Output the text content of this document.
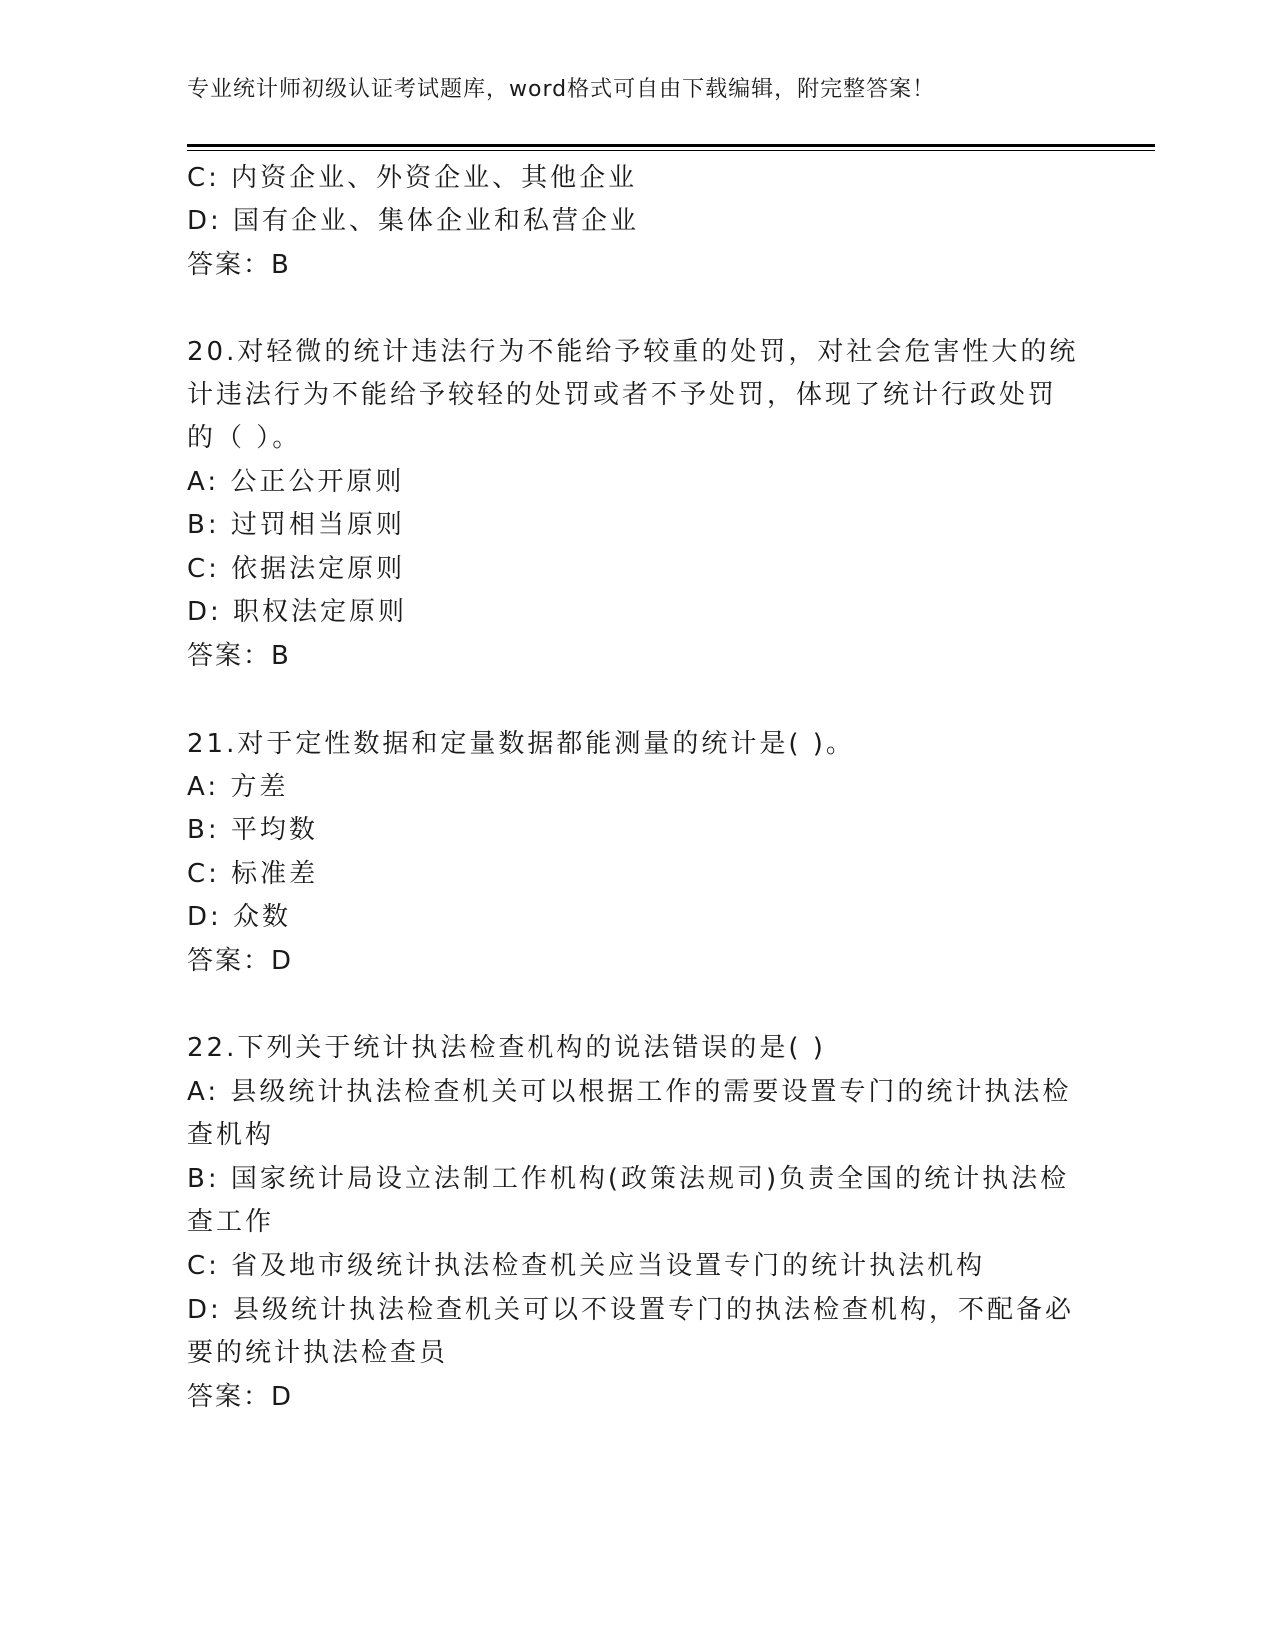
专业统计师初级认证考试题库，word格式可自由下载编辑，附完整答案！
C: 内资企业、外资企业、其他企业
D: 国有企业、集体企业和私营企业
答案：B
20.对轻微的统计违法行为不能给予较重的处罚，对社会危害性大的统
计违法行为不能给予较轻的处罚或者不予处罚，体现了统计行政处罚
的（ ）。
A: 公正公开原则
B: 过罚相当原则
C: 依据法定原则
D: 职权法定原则
答案：B
21.对于定性数据和定量数据都能测量的统计是( )。
A: 方差
B: 平均数
C: 标准差
D: 众数
答案：D
22.下列关于统计执法检查机构的说法错误的是( )
A: 县级统计执法检查机关可以根据工作的需要设置专门的统计执法检
查机构
B: 国家统计局设立法制工作机构(政策法规司)负责全国的统计执法检
查工作
C: 省及地市级统计执法检查机关应当设置专门的统计执法机构
D: 县级统计执法检查机关可以不设置专门的执法检查机构，不配备必
要的统计执法检查员
答案：D
